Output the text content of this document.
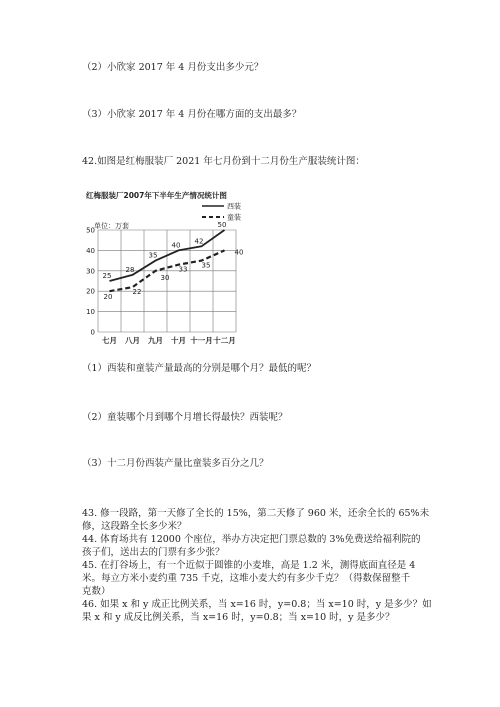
（2）小欣家 2017 年 4 月份支出多少元？
（3）小欣家 2017 年 4 月份在哪方面的支出最多？
42.如图是红梅服装厂 2021 年七月份到十二月份生产服装统计图：
红梅服装厂2007年下半年生产情况统计图
西装
童装
单位：万套
0
10
20
30
40
50
七月 八月 九月 十月 十一月 十二月
25
28
35
40
42
50
20
22
30
33
35
40
（1）西装和童装产量最高的分别是哪个月？最低的呢？
（2）童装哪个月到哪个月增长得最快？西装呢？
（3）十二月份西装产量比童装多百分之几？
43. 修一段路，第一天修了全长的 15%，第二天修了 960 米，还余全长的 65%未
修，这段路全长多少米？
44. 体育场共有 12000 个座位，举办方决定把门票总数的 3%免费送给福利院的
孩子们，送出去的门票有多少张？
45. 在打谷场上，有一个近似于圆锥的小麦堆，高是 1.2 米，测得底面直径是 4
米。每立方米小麦约重 735 千克，这堆小麦大约有多少千克？（得数保留整千
克数）
46. 如果 x 和 y 成正比例关系，当 x=16 时，y=0.8；当 x=10 时，y 是多少？如
果 x 和 y 成反比例关系，当 x=16 时，y=0.8；当 x=10 时，y 是多少？
